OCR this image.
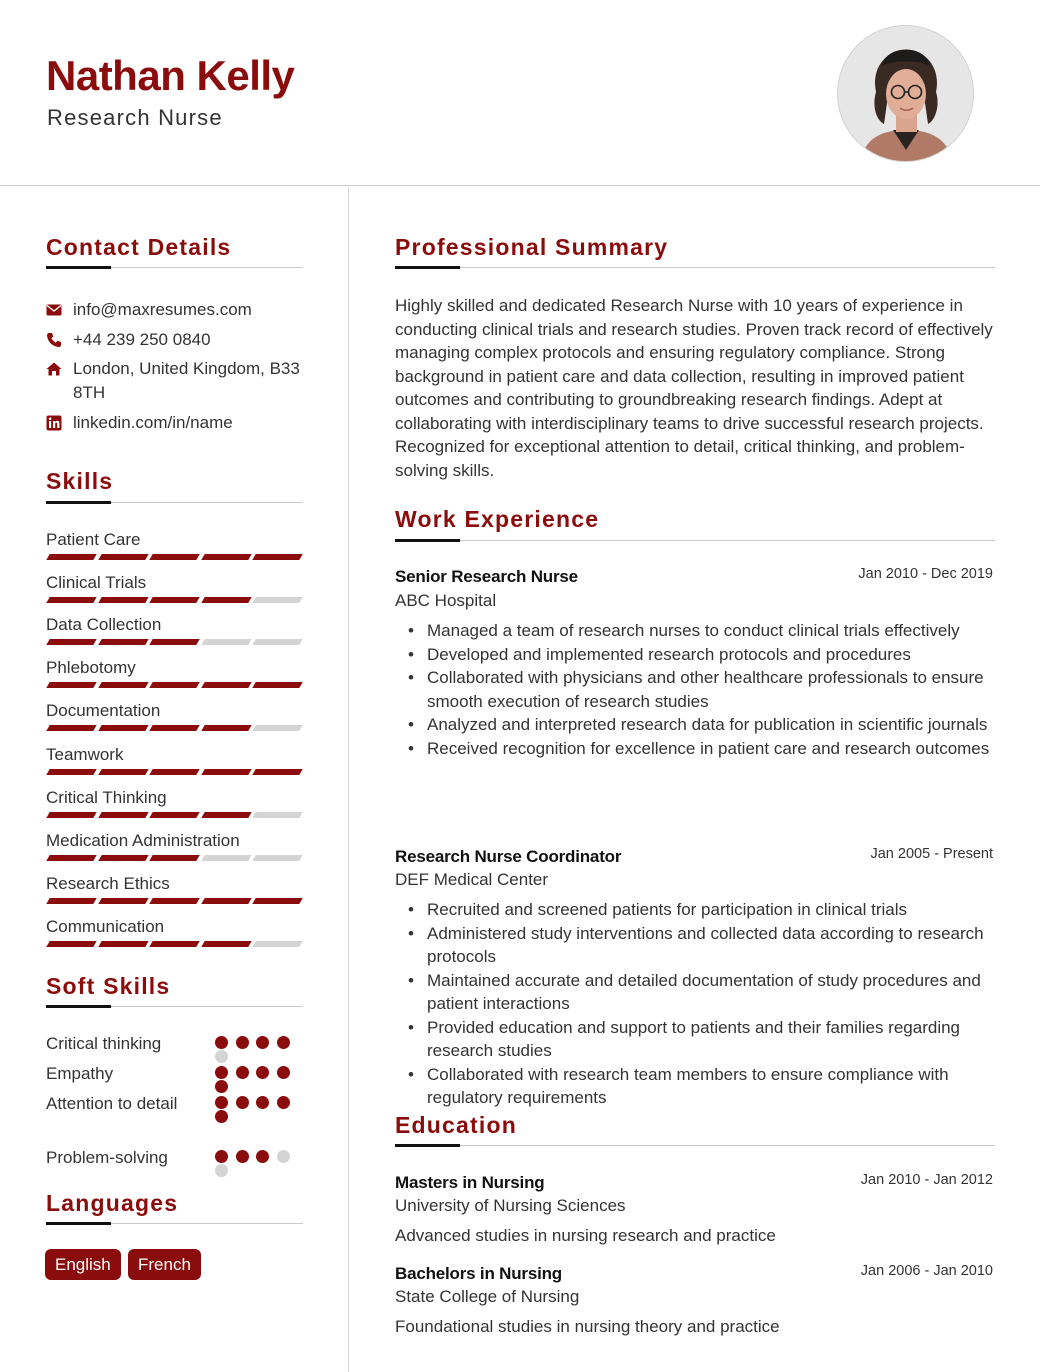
Nathan Kelly
Research Nurse
Contact Details
info@maxresumes.com
+44 239 250 0840
London, United Kingdom, B33 8TH
linkedin.com/in/name
Skills
Patient Care
Clinical Trials
Data Collection
Phlebotomy
Documentation
Teamwork
Critical Thinking
Medication Administration
Research Ethics
Communication
Soft Skills
Critical thinking
Empathy
Attention to detail
Problem-solving
Languages
English	French
Professional Summary
Highly skilled and dedicated Research Nurse with 10 years of experience in conducting clinical trials and research studies. Proven track record of effectively managing complex protocols and ensuring regulatory compliance. Strong background in patient care and data collection, resulting in improved patient outcomes and contributing to groundbreaking research findings. Adept at collaborating with interdisciplinary teams to drive successful research projects. Recognized for exceptional attention to detail, critical thinking, and problem-solving skills.
Work Experience
Senior Research Nurse	Jan 2010 - Dec 2019
ABC Hospital
• Managed a team of research nurses to conduct clinical trials effectively
• Developed and implemented research protocols and procedures
• Collaborated with physicians and other healthcare professionals to ensure smooth execution of research studies
• Analyzed and interpreted research data for publication in scientific journals
• Received recognition for excellence in patient care and research outcomes
Research Nurse Coordinator	Jan 2005 - Present
DEF Medical Center
• Recruited and screened patients for participation in clinical trials
• Administered study interventions and collected data according to research protocols
• Maintained accurate and detailed documentation of study procedures and patient interactions
• Provided education and support to patients and their families regarding research studies
• Collaborated with research team members to ensure compliance with regulatory requirements
Education
Masters in Nursing	Jan 2010 - Jan 2012
University of Nursing Sciences
Advanced studies in nursing research and practice
Bachelors in Nursing	Jan 2006 - Jan 2010
State College of Nursing
Foundational studies in nursing theory and practice
